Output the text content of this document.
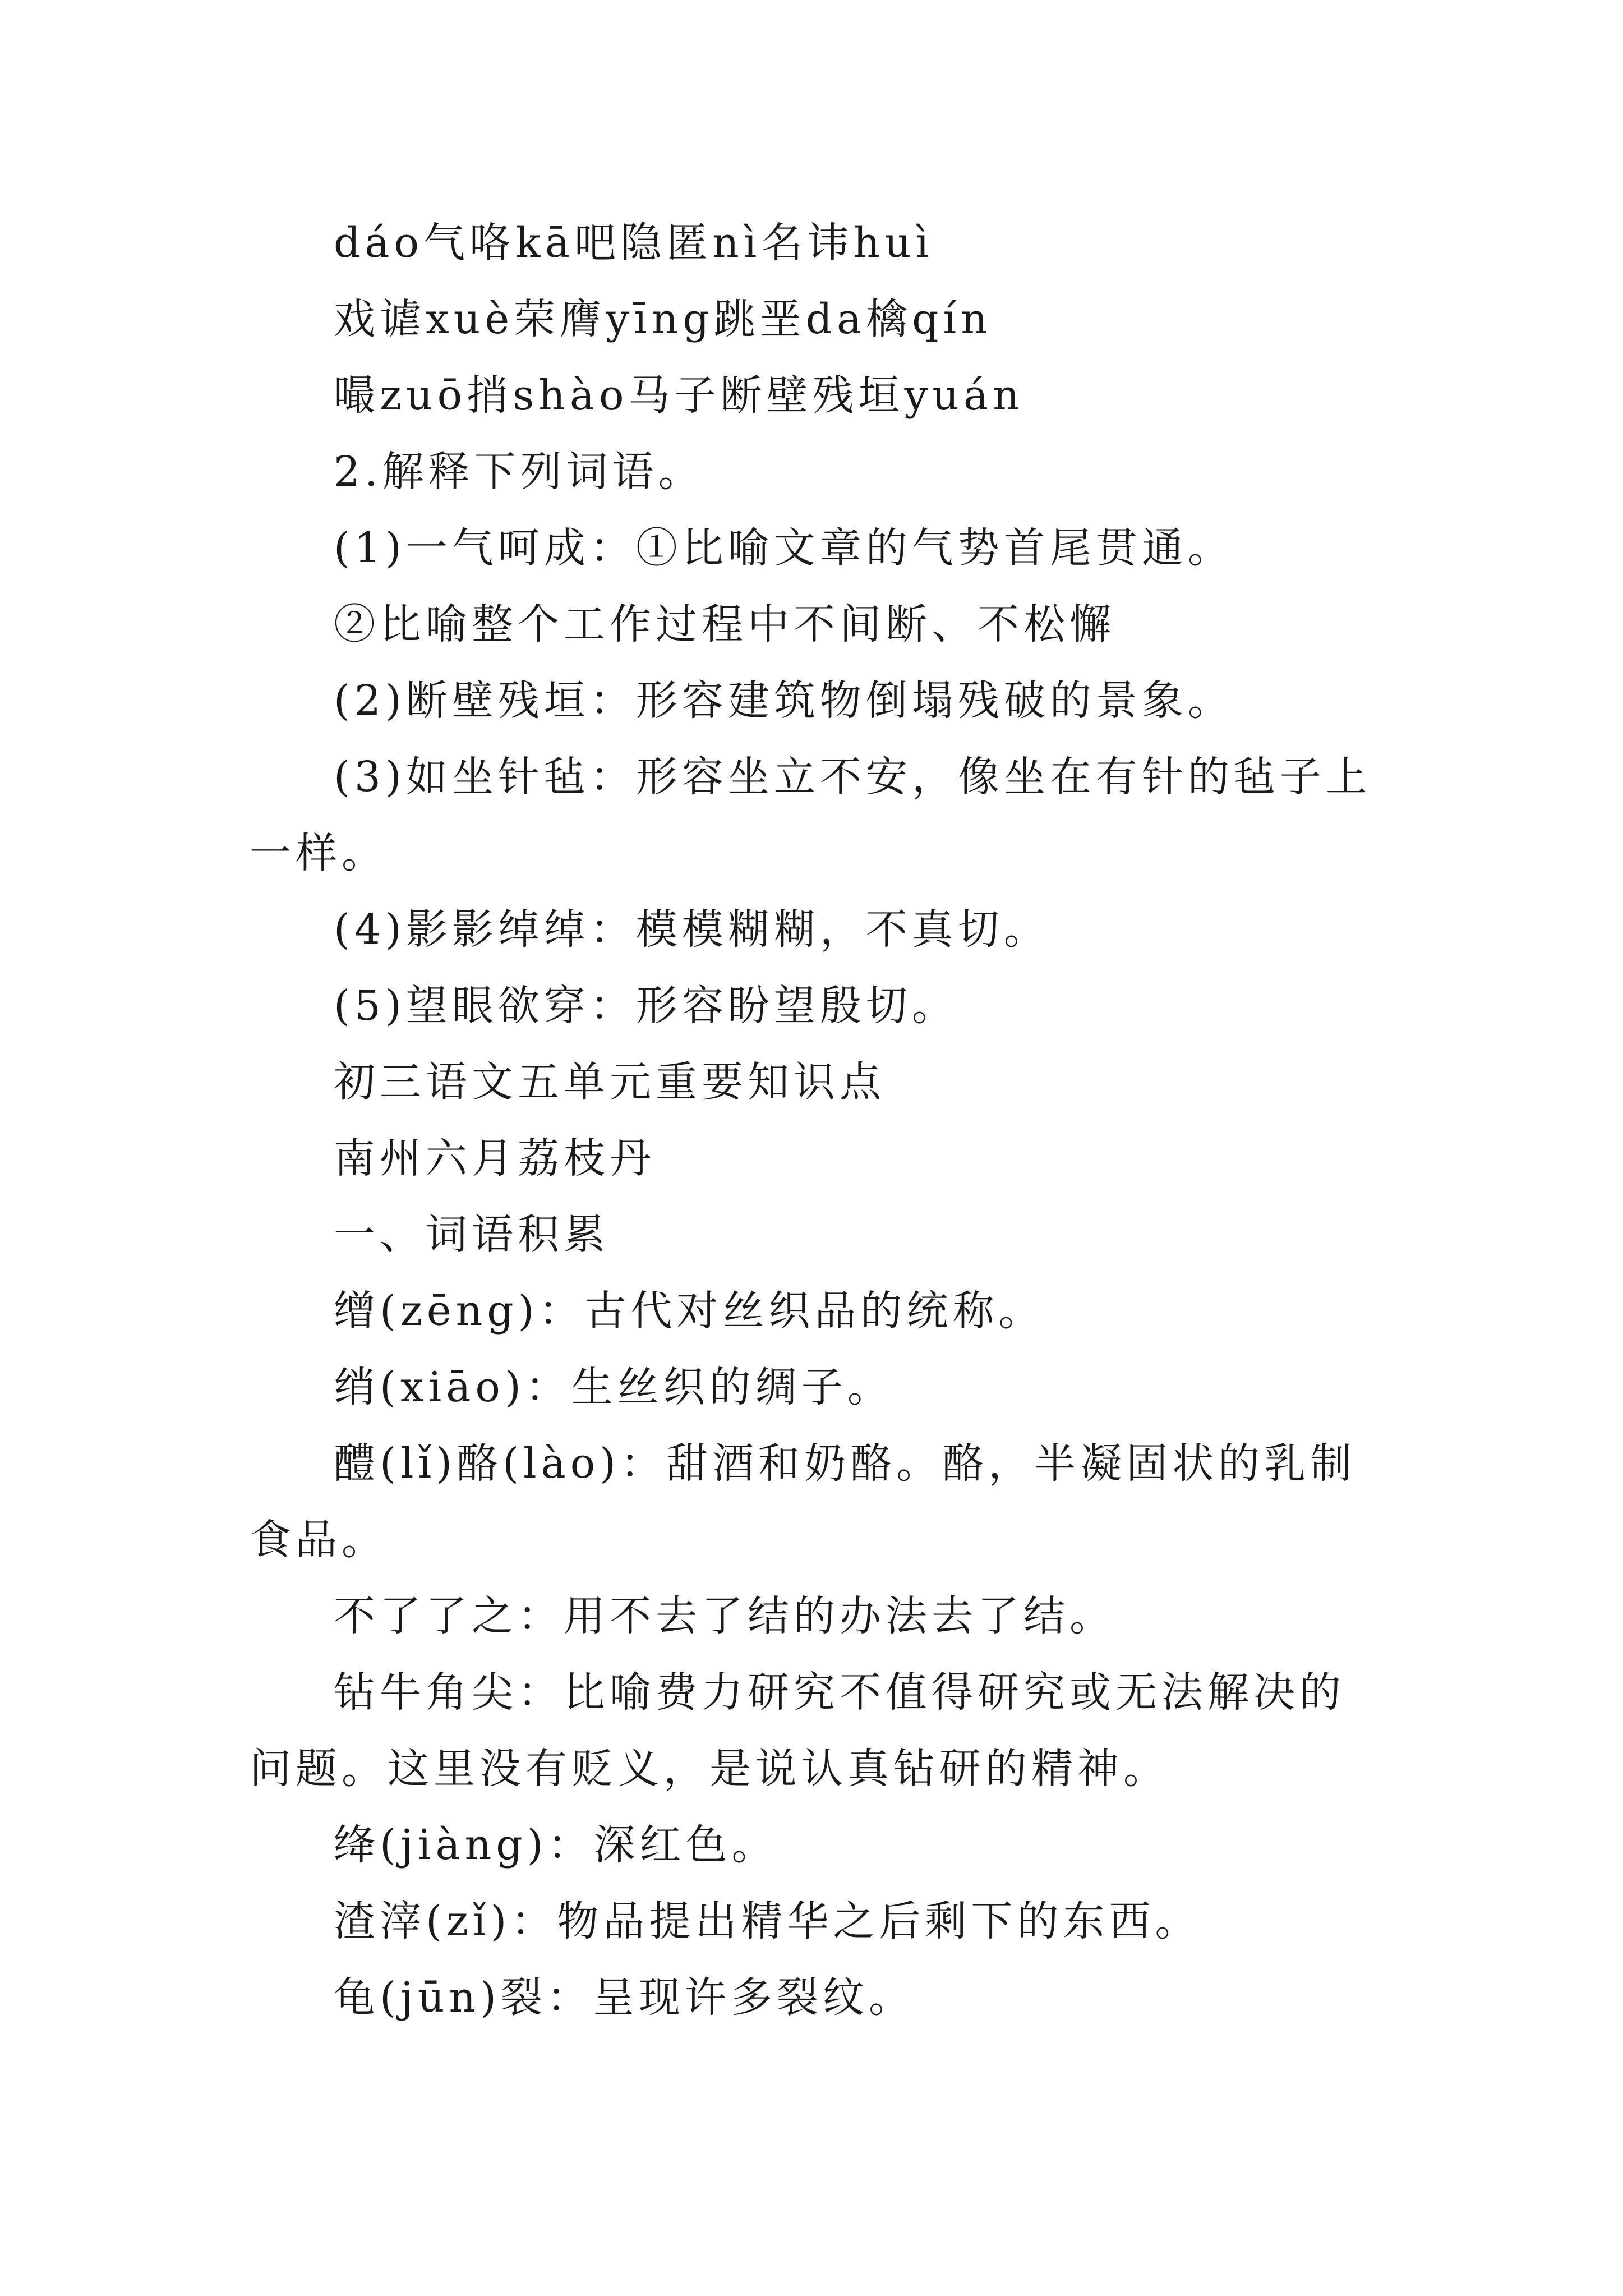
dáo气咯kā吧隐匿nì名讳huì

戏谑xuè荣膺yīng跳垩da檎qín

嘬zuō捎shào马子断壁残垣yuán

2.解释下列词语。

(1)一气呵成：①比喻文章的气势首尾贯通。

②比喻整个工作过程中不间断、不松懈

(2)断壁残垣：形容建筑物倒塌残破的景象。

(3)如坐针毡：形容坐立不安，像坐在有针的毡子上一样。

(4)影影绰绰：模模糊糊，不真切。

(5)望眼欲穿：形容盼望殷切。

初三语文五单元重要知识点

南州六月荔枝丹

一、词语积累

缯(zēng)：古代对丝织品的统称。

绡(xiāo)：生丝织的绸子。

醴(lǐ)酪(lào)：甜酒和奶酪。酪，半凝固状的乳制食品。

不了了之：用不去了结的办法去了结。

钻牛角尖：比喻费力研究不值得研究或无法解决的问题。这里没有贬义，是说认真钻研的精神。

绛(jiàng)：深红色。

渣滓(zǐ)：物品提出精华之后剩下的东西。

龟(jūn)裂：呈现许多裂纹。
